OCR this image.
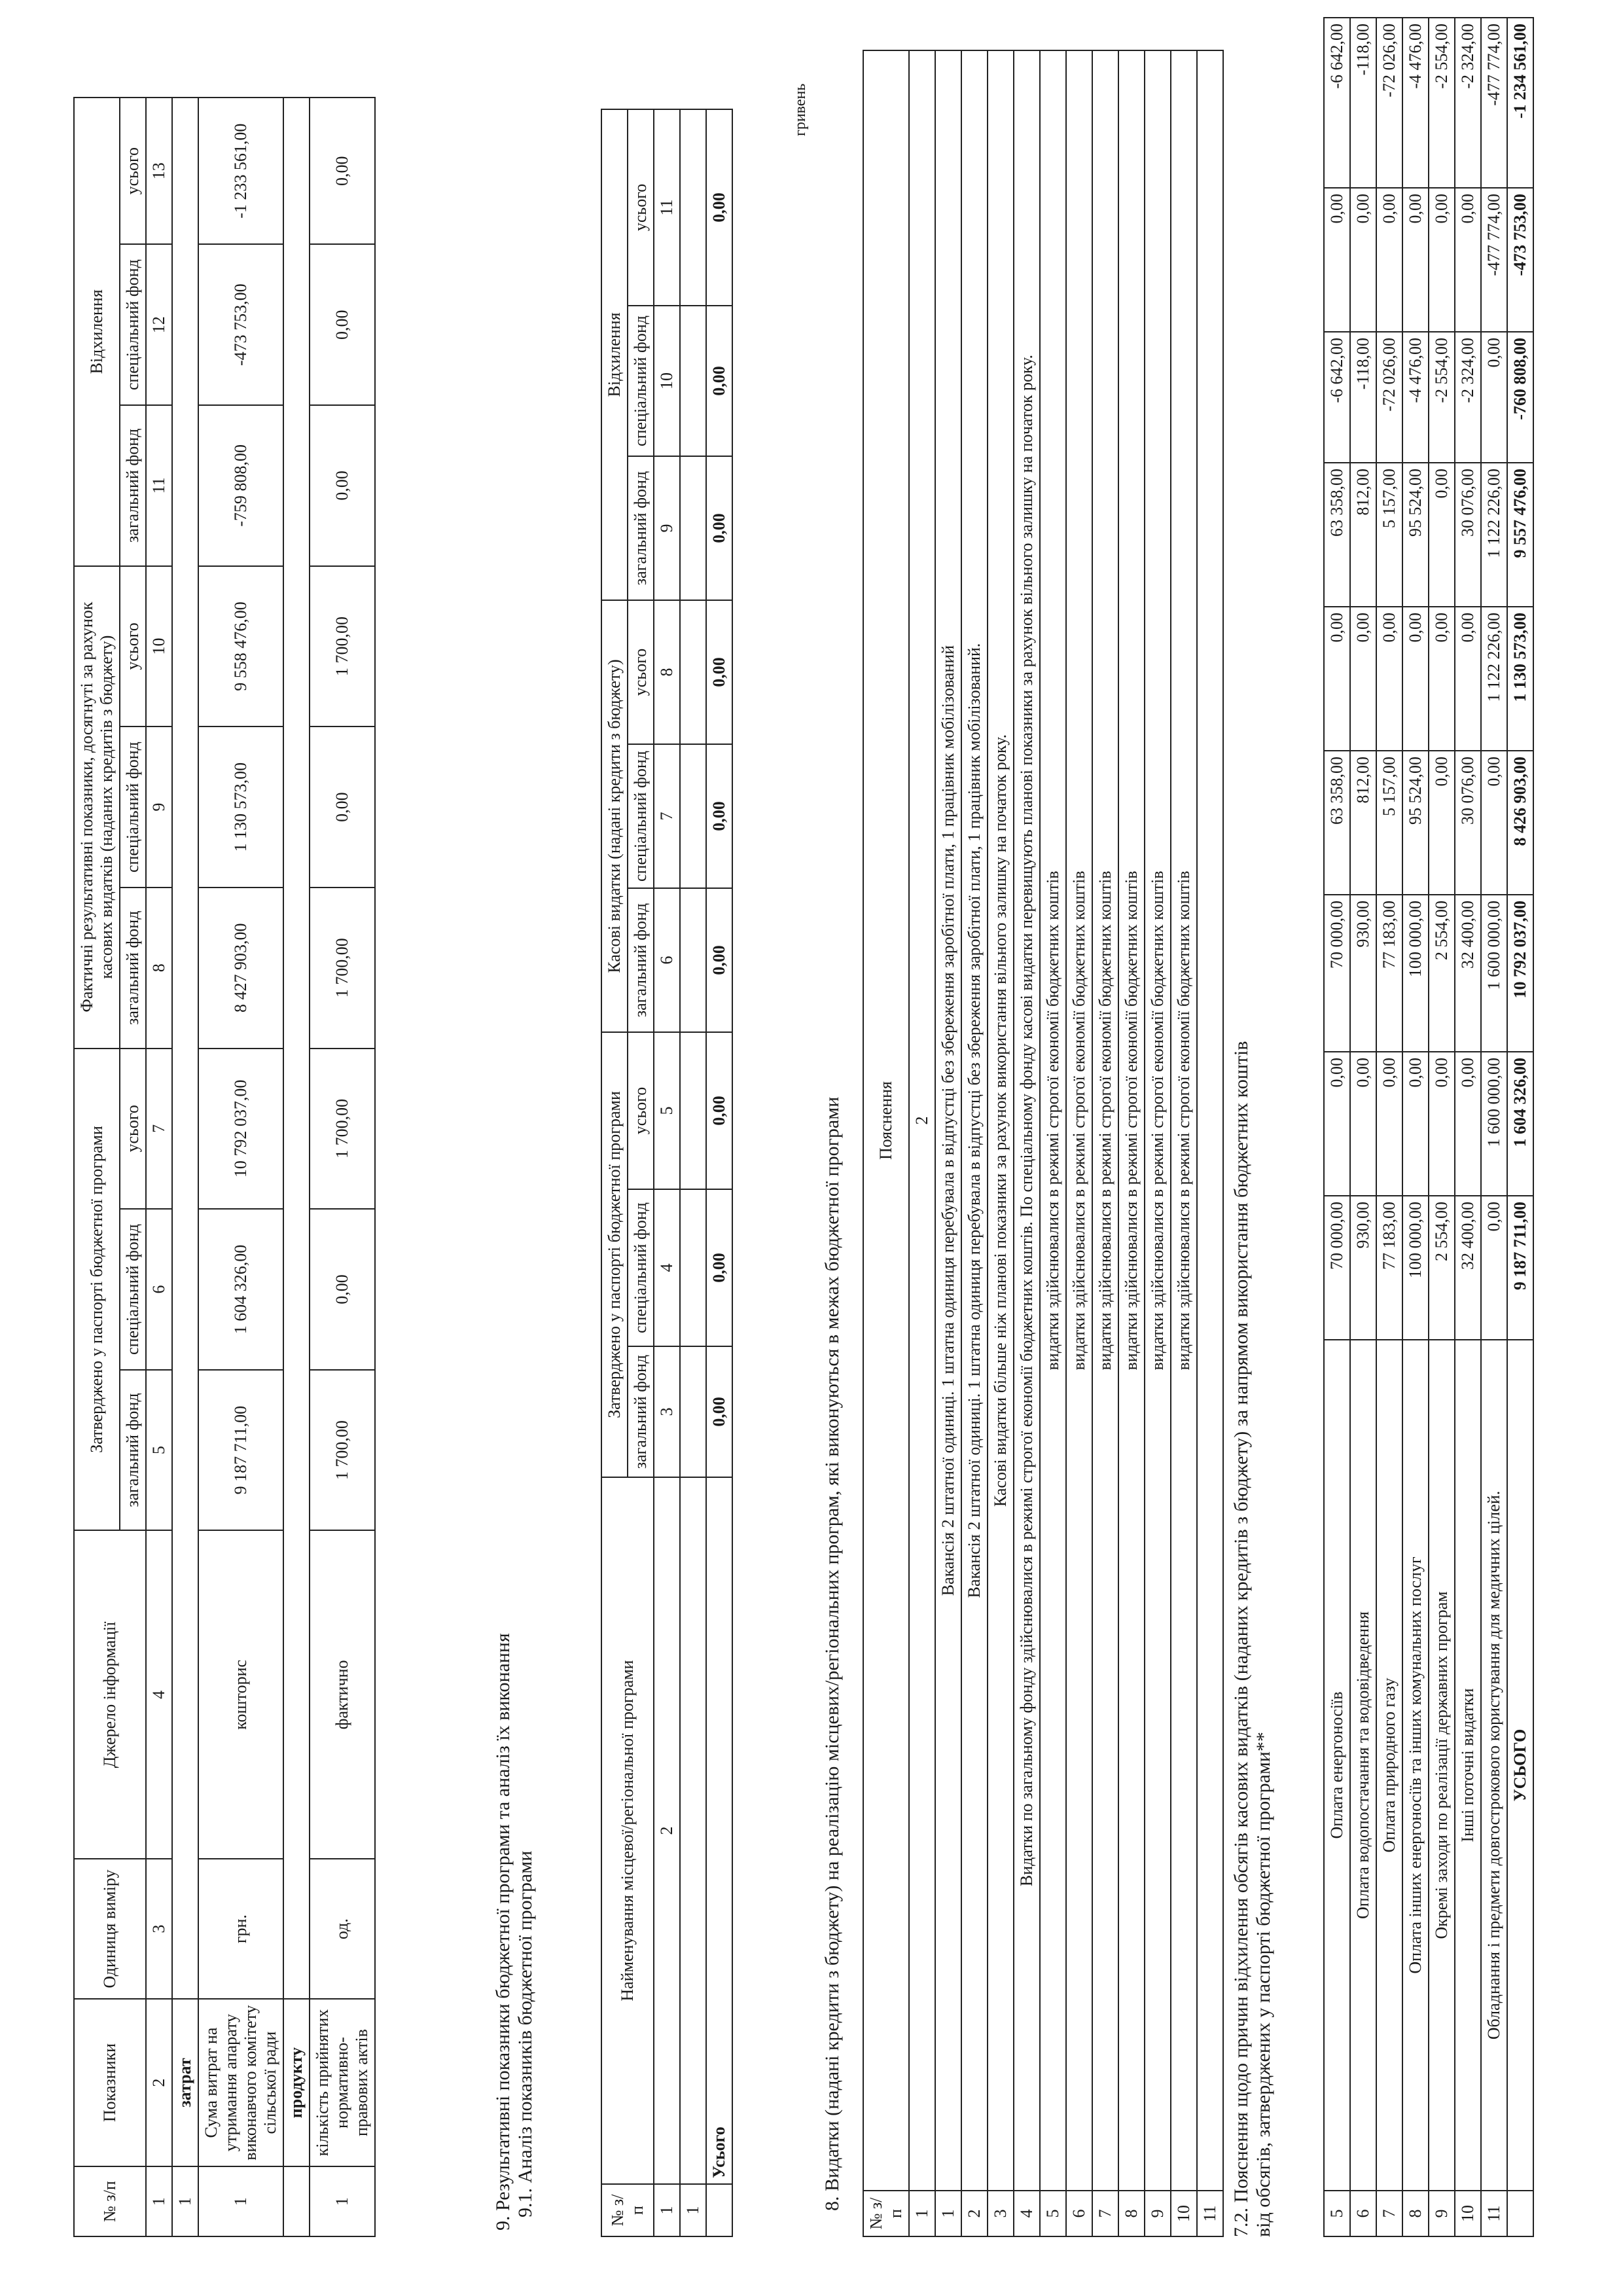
5	Оплата енергоносіїв	70 000,00	0,00	70 000,00	63 358,00	0,00	63 358,00	-6 642,00	0,00	-6 642,00
6	Оплата водопостачання та водовідведення	930,00	0,00	930,00	812,00	0,00	812,00	-118,00	0,00	-118,00
7	Оплата природного газу	77 183,00	0,00	77 183,00	5 157,00	0,00	5 157,00	-72 026,00	0,00	-72 026,00
8	Оплата інших енергоносіїв та інших комунальних послуг	100 000,00	0,00	100 000,00	95 524,00	0,00	95 524,00	-4 476,00	0,00	-4 476,00
9	Окремі заходи по реалізації державних програм	2 554,00	0,00	2 554,00	0,00	0,00	0,00	-2 554,00	0,00	-2 554,00
10	Інші поточні видатки	32 400,00	0,00	32 400,00	30 076,00	0,00	30 076,00	-2 324,00	0,00	-2 324,00
11	Обладнання і предмети довгострокового користування для медичних цілей.	0,00	1 600 000,00	1 600 000,00	0,00	1 122 226,00	1 122 226,00	0,00	-477 774,00	-477 774,00
	УСЬОГО	9 187 711,00	1 604 326,00	10 792 037,00	8 426 903,00	1 130 573,00	9 557 476,00	-760 808,00	-473 753,00	-1 234 561,00
7.2. Пояснення щодо причин відхилення обсягів касових видатків (наданих кредитів з бюджету) за напрямом використання бюджетних коштів від обсягів, затверджених у паспорті бюджетної програми**
№ з/п	Пояснення
1	2
1	Вакансія 2 штатної одиниці. 1 штатна одиниця перебувала в відпустці без збереження заробітної плати, 1 працівник мобілізований
2	Вакансія 2 штатної одиниці. 1 штатна одиниця перебувала в відпустці без збереження заробітної плати, 1 працівник мобілізований.
3	Касові видатки більше ніж планові показники за рахунок використання вільного залишку на початок року.
4	Видатки по загальному фонду здійснювалися в режимі строгої економії бюджетних коштів. По спеціальному фонду касові видатки перевищують планові показники за рахунок вільного залишку на початок року.
5	видатки здійснювалися в режимі строгої економії бюджетних коштів
6	видатки здійснювалися в режимі строгої економії бюджетних коштів
7	видатки здійснювалися в режимі строгої економії бюджетних коштів
8	видатки здійснювалися в режимі строгої економії бюджетних коштів
9	видатки здійснювалися в режимі строгої економії бюджетних коштів
10	видатки здійснювалися в режимі строгої економії бюджетних коштів
11	
8. Видатки (надані кредити з бюджету) на реалізацію місцевих/регіональних програм, які виконуються в межах бюджетної програми
гривень
№ з/п	Найменування місцевої/регіональної програми	Затверджено у паспорті бюджетної програми			Касові видатки (надані кредити з бюджету)			Відхилення		
		загальний фонд	спеціальний фонд	усього	загальний фонд	спеціальний фонд	усього	загальний фонд	спеціальний фонд	усього
1	2	3	4	5	6	7	8	9	10	11
1										
	Усього	0,00	0,00	0,00	0,00	0,00	0,00	0,00	0,00	0,00
9. Результативні показники бюджетної програми та аналіз їх виконання 9.1. Аналіз показників бюджетної програми
№ з/п	Показники	Одиниця виміру	Джерело інформації	Затверджено у паспорті бюджетної програми			Фактичні результативні показники, досягнуті за рахунок касових видатків (наданих кредитів з бюджету)			Відхилення		
				загальний фонд	спеціальний фонд	усього	загальний фонд	спеціальний фонд	усього	загальний фонд	спеціальний фонд	усього
1	2	3	4	5	6	7	8	9	10	11	12	13
1	затрат											
1	Сума витрат на утримання апарату виконавчого комітету сільської ради	грн.	кошторис	9 187 711,00	1 604 326,00	10 792 037,00	8 427 903,00	1 130 573,00	9 558 476,00	-759 808,00	-473 753,00	-1 233 561,00
	продукту											
1	кількість прийнятих нормативно-правових актів	од.	фактично	1 700,00	0,00	1 700,00	1 700,00	0,00	1 700,00	0,00	0,00	0,00
